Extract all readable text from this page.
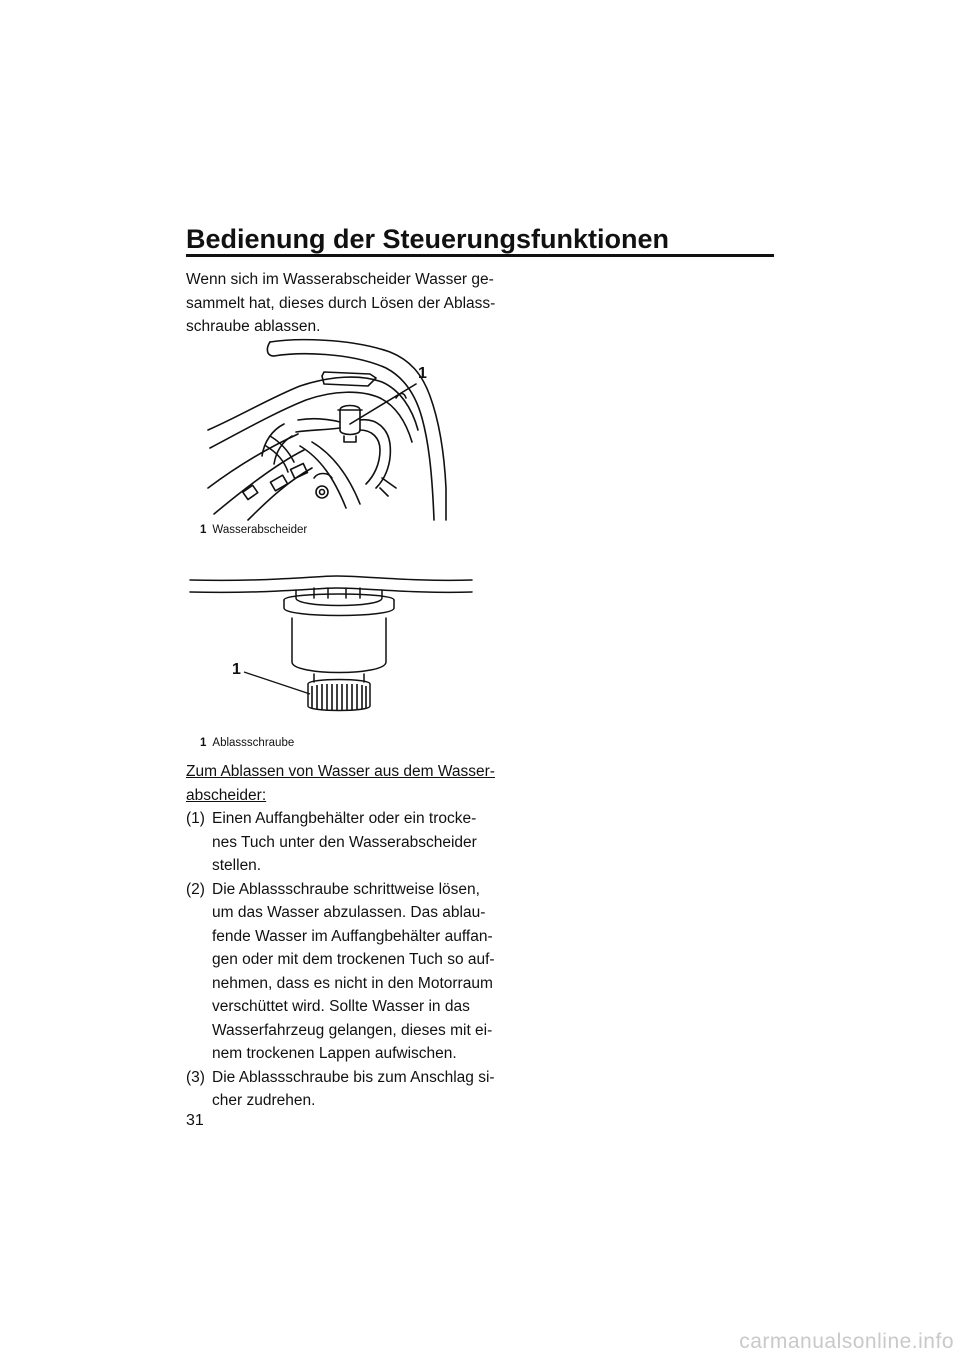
Bedienung der Steuerungsfunktionen

Wenn sich im Wasserabscheider Wasser ge-
sammelt hat, dieses durch Lösen der Ablass-
schraube ablassen.

1
1 Wasserabscheider
1
1 Ablassschraube

Zum Ablassen von Wasser aus dem Wasser-
abscheider:

(1) Einen Auffangbehälter oder ein trocke-
nes Tuch unter den Wasserabscheider
stellen.
(2) Die Ablassschraube schrittweise lösen,
um das Wasser abzulassen. Das ablau-
fende Wasser im Auffangbehälter auffan-
gen oder mit dem trockenen Tuch so auf-
nehmen, dass es nicht in den Motorraum
verschüttet wird. Sollte Wasser in das
Wasserfahrzeug gelangen, dieses mit ei-
nem trockenen Lappen aufwischen.
(3) Die Ablassschraube bis zum Anschlag si-
cher zudrehen.
31
carmanualsonline.info
